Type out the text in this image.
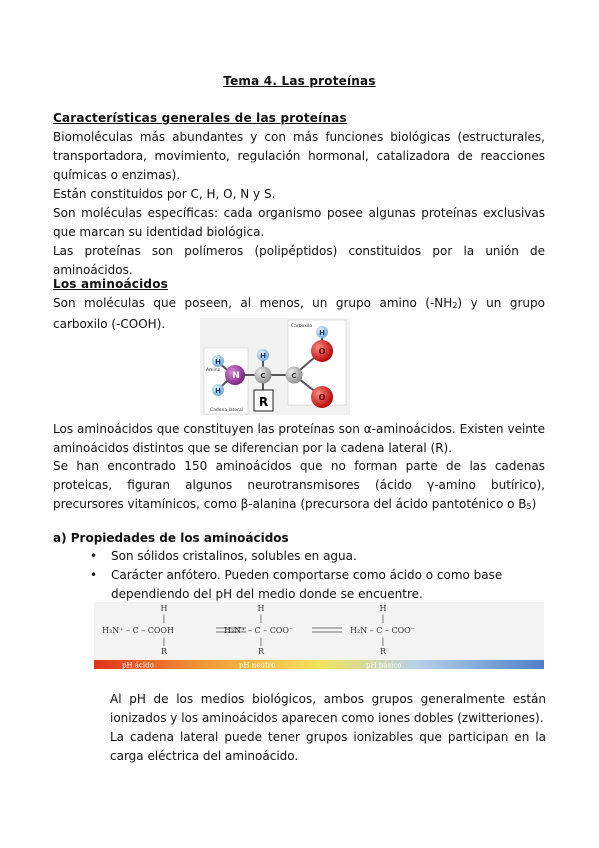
Tema 4. Las proteínas
Características generales de las proteínas
Biomoléculas más abundantes y con más funciones biológicas (estructurales, transportadora, movimiento, regulación hormonal, catalizadora de reacciones químicas o enzimas).
Están constituidos por C, H, O, N y S.
Son moléculas específicas: cada organismo posee algunas proteínas exclusivas que marcan su identidad biológica.
Las proteínas son polímeros (polipéptidos) constituidos por la unión de aminoácidos.
Los aminoácidos
Son moléculas que poseen, al menos, un grupo amino (-NH2) y un grupo carboxilo (-COOH).
H
H
N
H
C	C
H
O
O
R
Carboxilo
Amino
Cadena lateral
Los aminoácidos que constituyen las proteínas son α-aminoácidos. Existen veinte aminoácidos distintos que se diferencian por la cadena lateral (R).
Se han encontrado 150 aminoácidos que no forman parte de las cadenas proteicas, figuran algunos neurotransmisores (ácido γ-amino butírico), precursores vitamínicos, como β-alanina (precursora del ácido pantoténico o B5)
a) Propiedades de los aminoácidos
• Son sólidos cristalinos, solubles en agua.
• Carácter anfótero. Pueden comportarse como ácido o como base dependiendo del pH del medio donde se encuentre.
H
|
H₃N⁺ – C – COOH
|
R
H
|
H₃N⁺ – C – COO⁻
|
R
H
|
H₂N – C – COO⁻
|
R
pH ácido	pH neutro	pH básico
Al pH de los medios biológicos, ambos grupos generalmente están ionizados y los aminoácidos aparecen como iones dobles (zwitteriones).
La cadena lateral puede tener grupos ionizables que participan en la carga eléctrica del aminoácido.
